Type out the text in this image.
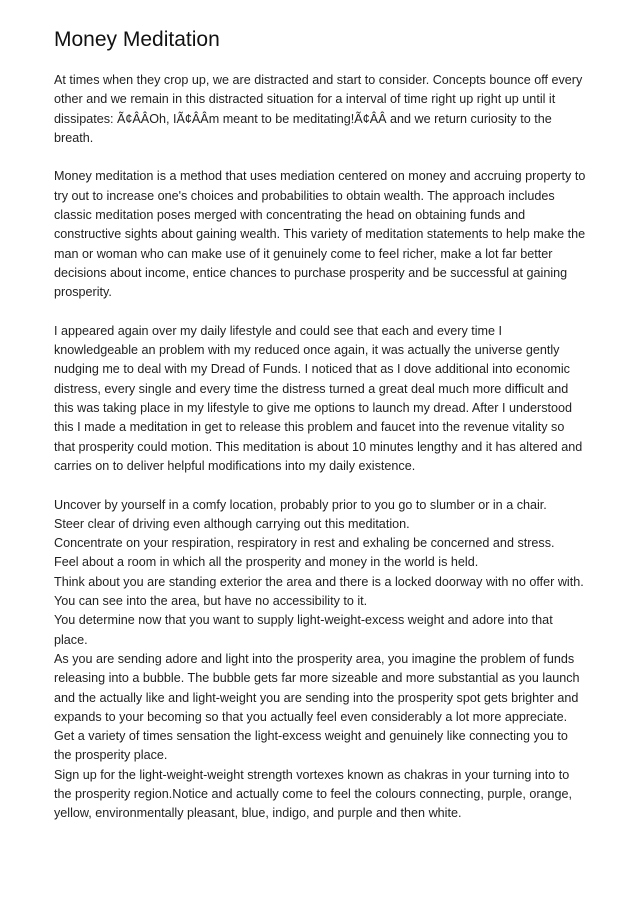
Money Meditation

At times when they crop up, we are distracted and start to consider. Concepts bounce off every other and we remain in this distracted situation for a interval of time right up right up until it dissipates: Ã¢ÂÂOh, IÃ¢ÂÂm meant to be meditating!Ã¢ÂÂ and we return curiosity to the breath.

Money meditation is a method that uses mediation centered on money and accruing property to try out to increase one's choices and probabilities to obtain wealth. The approach includes classic meditation poses merged with concentrating the head on obtaining funds and constructive sights about gaining wealth. This variety of meditation statements to help make the man or woman who can make use of it genuinely come to feel richer, make a lot far better decisions about income, entice chances to purchase prosperity and be successful at gaining prosperity.

I appeared again over my daily lifestyle and could see that each and every time I knowledgeable an problem with my reduced once again, it was actually the universe gently nudging me to deal with my Dread of Funds. I noticed that as I dove additional into economic distress, every single and every time the distress turned a great deal much more difficult and this was taking place in my lifestyle to give me options to launch my dread. After I understood this I made a meditation in get to release this problem and faucet into the revenue vitality so that prosperity could motion. This meditation is about 10 minutes lengthy and it has altered and carries on to deliver helpful modifications into my daily existence.

Uncover by yourself in a comfy location, probably prior to you go to slumber or in a chair.
Steer clear of driving even although carrying out this meditation.
Concentrate on your respiration, respiratory in rest and exhaling be concerned and stress.
Feel about a room in which all the prosperity and money in the world is held.
Think about you are standing exterior the area and there is a locked doorway with no offer with.
You can see into the area, but have no accessibility to it.
You determine now that you want to supply light-weight-excess weight and adore into that place.
As you are sending adore and light into the prosperity area, you imagine the problem of funds releasing into a bubble. The bubble gets far more sizeable and more substantial as you launch and the actually like and light-weight you are sending into the prosperity spot gets brighter and expands to your becoming so that you actually feel even considerably a lot more appreciate.
Get a variety of times sensation the light-excess weight and genuinely like connecting you to the prosperity place.
Sign up for the light-weight-weight strength vortexes known as chakras in your turning into to the prosperity region.Notice and actually come to feel the colours connecting, purple, orange, yellow, environmentally pleasant, blue, indigo, and purple and then white.
